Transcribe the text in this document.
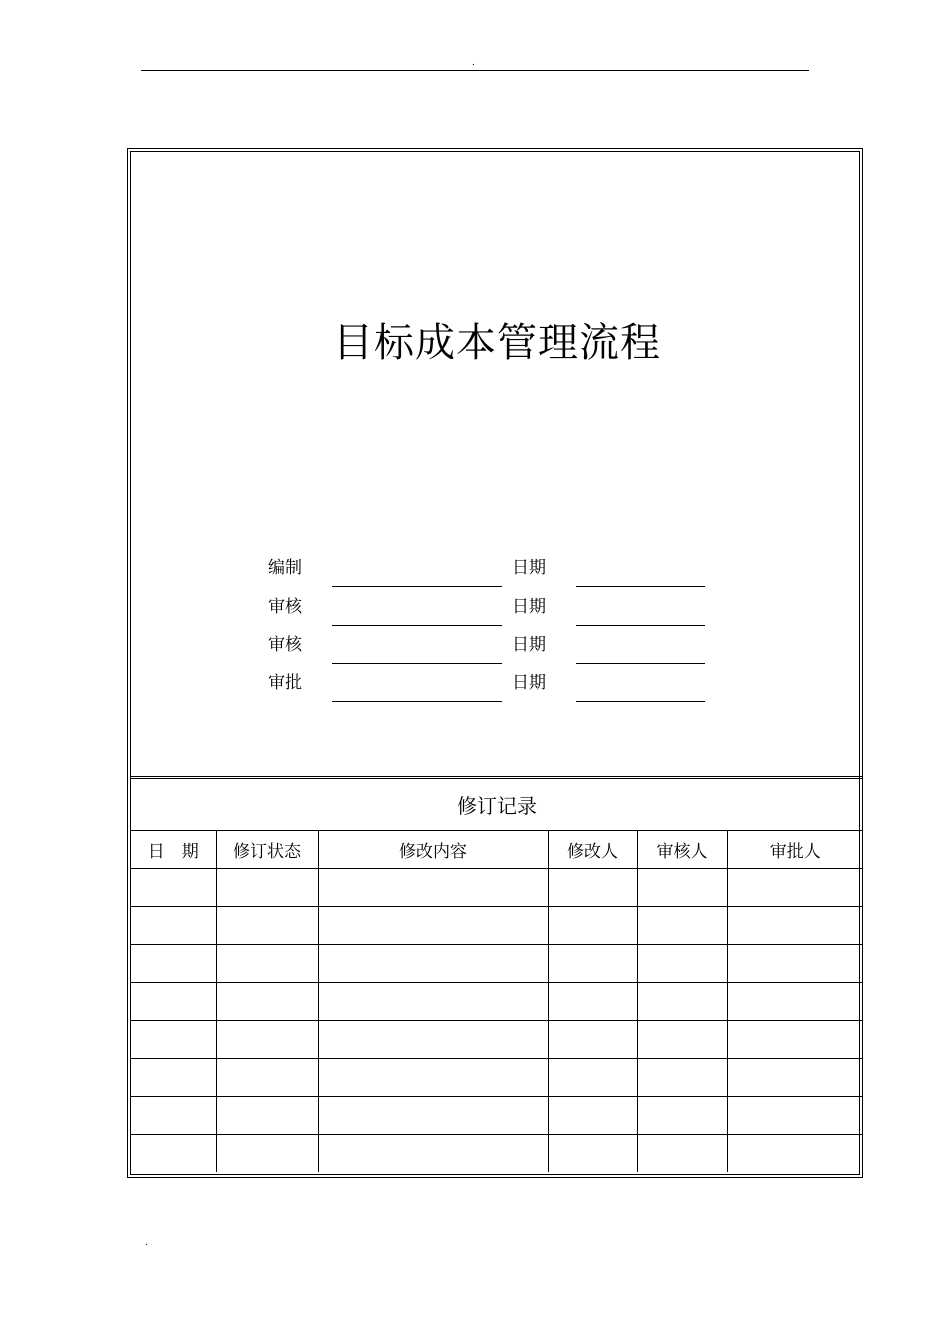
.
目标成本管理流程
编制	日期
审核	日期
审核	日期
审批	日期
修订记录					
日　期	修订状态	修改内容	修改人	审核人	审批人

.
